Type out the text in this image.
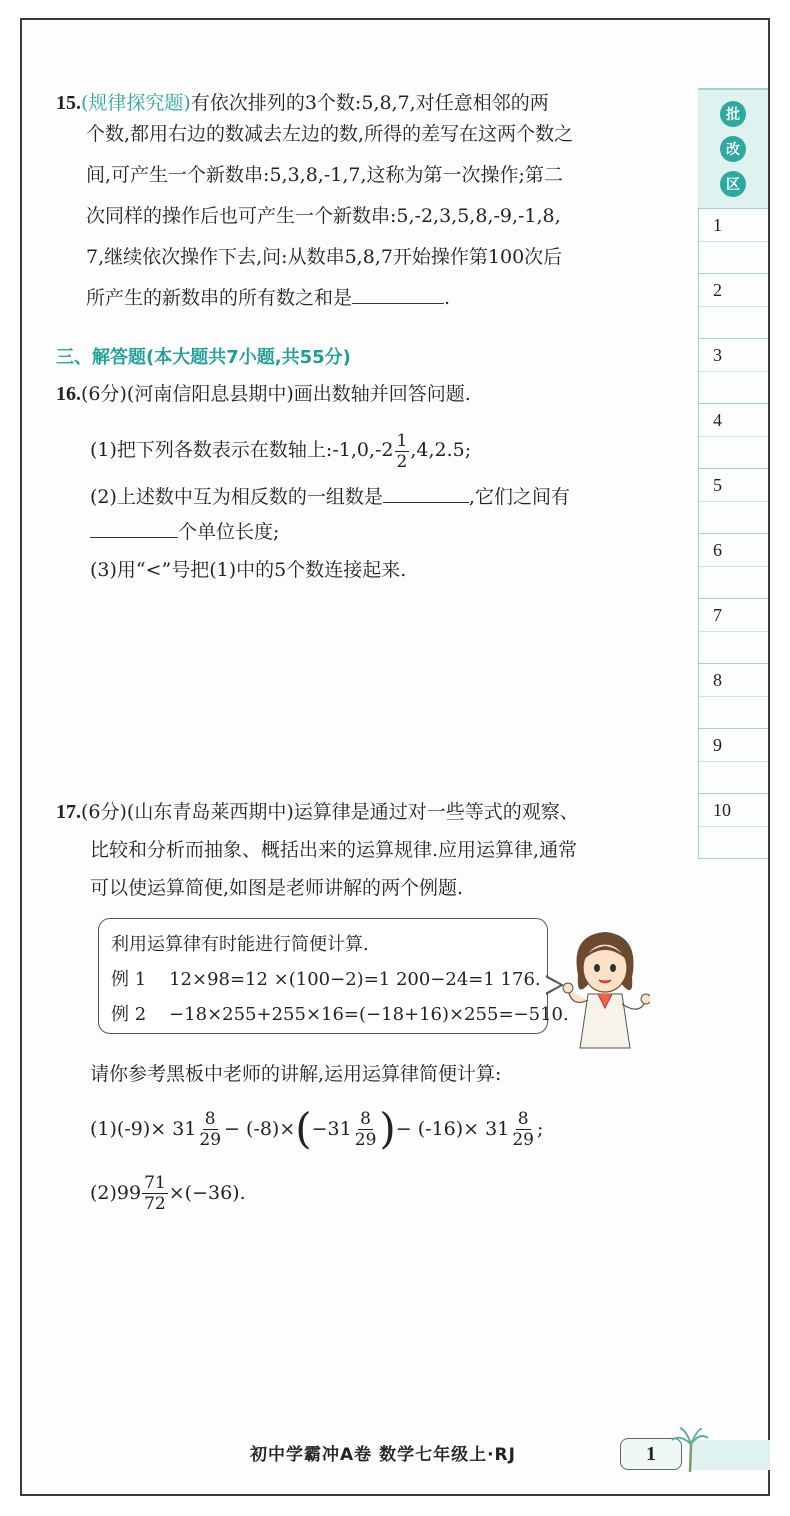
批
改
区
1
2
3
4
5
6
7
8
9
10
15.(规律探究题)有依次排列的3个数:5,8,7,对任意相邻的两
个数,都用右边的数减去左边的数,所得的差写在这两个数之
间,可产生一个新数串:5,3,8,-1,7,这称为第一次操作;第二
次同样的操作后也可产生一个新数串:5,-2,3,5,8,-9,-1,8,
7,继续依次操作下去,问:从数串5,8,7开始操作第100次后
所产生的新数串的所有数之和是	.
三、解答题(本大题共7小题,共55分)
16.(6分)(河南信阳息县期中)画出数轴并回答问题.
(1)把下列各数表示在数轴上:-1,0,-2 $\frac{1}{2} ,4,2.5$;
(2)上述数中互为相反数的一组数是	,它们之间有
个单位长度;
(3)用“<”号把(1)中的5个数连接起来.
17.(6分)(山东青岛莱西期中)运算律是通过对一些等式的观察、
比较和分析而抽象、概括出来的运算规律.应用运算律,通常
可以使运算简便,如图是老师讲解的两个例题.
利用运算律有时能进行简便计算.
例 1 12×98=12 ×(100−2)=1 200−24=1 176.
例 2 −18×255+255×16=(−18+16)×255=−510.
请你参考黑板中老师的讲解,运用运算律简便计算:
$(1)(-9)\times 31 \frac{8}{29} - (-8)\times$ ( $-31 \frac{8}{29}$ ) − $(-16)\times 31 \frac{8}{29}$ ;
$(2)99 \frac{71}{72} \times(-36)$.
初中学霸冲A卷 数学七年级上·RJ	1
